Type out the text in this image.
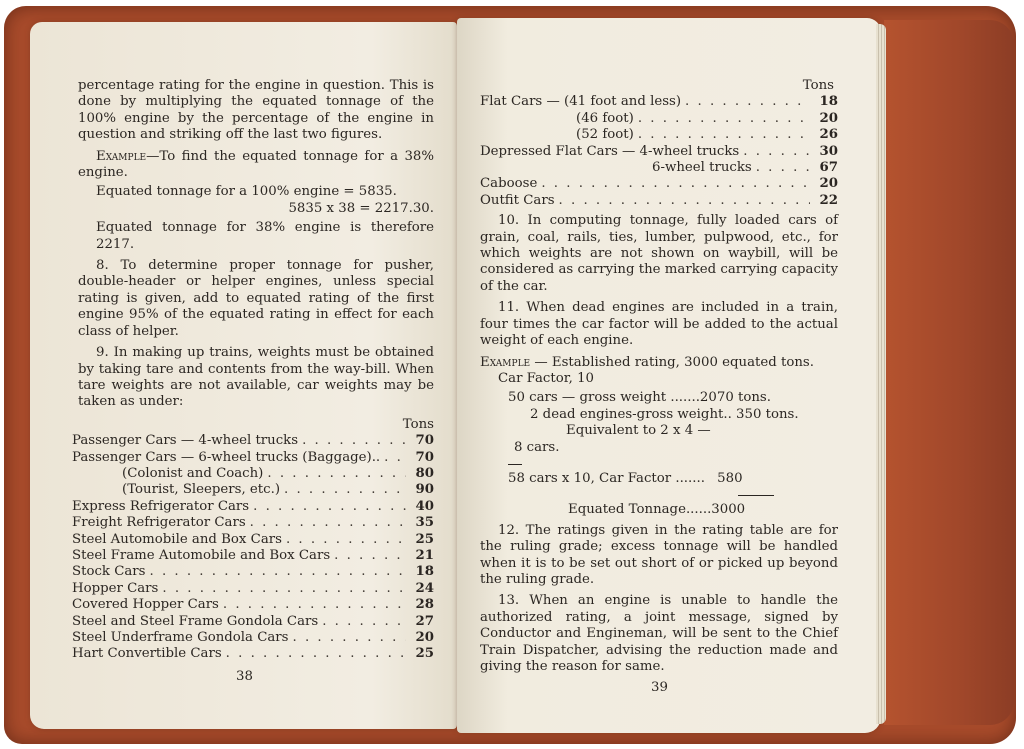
percentage rating for the engine in question. This is done by multiplying the equated tonnage of the 100% engine by the percentage of the engine in question and striking off the last two figures.

Example—To find the equated tonnage for a 38% engine.

Equated tonnage for a 100% engine = 5835.

5835 x 38 = 2217.30.

Equated tonnage for 38% engine is therefore 2217.

8. To determine proper tonnage for pusher, double-header or helper engines, unless special rating is given, add to equated rating of the first engine 95% of the equated rating in effect for each class of helper.

9. In making up trains, weights must be obtained by taking tare and contents from the way-bill. When tare weights are not available, car weights may be taken as under:

Tons

Passenger Cars — 4-wheel trucks . . .	70
Passenger Cars — 6-wheel trucks (Baggage).. . . .	70
(Colonist and Coach) . . .	80
(Tourist, Sleepers, etc.) . . .	90
Express Refrigerator Cars . . .	40
Freight Refrigerator Cars . . .	35
Steel Automobile and Box Cars . . .	25
Steel Frame Automobile and Box Cars . . .	21
Stock Cars . . .	18
Hopper Cars . . .	24
Covered Hopper Cars . . .	28
Steel and Steel Frame Gondola Cars . . .	27
Steel Underframe Gondola Cars . . .	20
Hart Convertible Cars . . .	25
38

Tons

Flat Cars — (41 foot and less) . . .	18
(46 foot) . . .	20
(52 foot) . . .	26
Depressed Flat Cars — 4-wheel trucks . . .	30
6-wheel trucks . . .	67
Caboose . . .	20
Outfit Cars . . .	22

10. In computing tonnage, fully loaded cars of grain, coal, rails, ties, lumber, pulpwood, etc., for which weights are not shown on waybill, will be considered as carrying the marked carrying capacity of the car.

11. When dead engines are included in a train, four times the car factor will be added to the actual weight of each engine.

Example — Established rating, 3000 equated tons.

Car Factor, 10

50 cars — gross weight .......2070 tons.

2 dead engines-gross weight.. 350 tons.

Equivalent to 2 x 4 —

8 cars.

58 cars x 10, Car Factor ....... 580

Equated Tonnage......3000

12. The ratings given in the rating table are for the ruling grade; excess tonnage will be handled when it is to be set out short of or picked up beyond the ruling grade.

13. When an engine is unable to handle the authorized rating, a joint message, signed by Conductor and Engineman, will be sent to the Chief Train Dispatcher, advising the reduction made and giving the reason for same.

39
